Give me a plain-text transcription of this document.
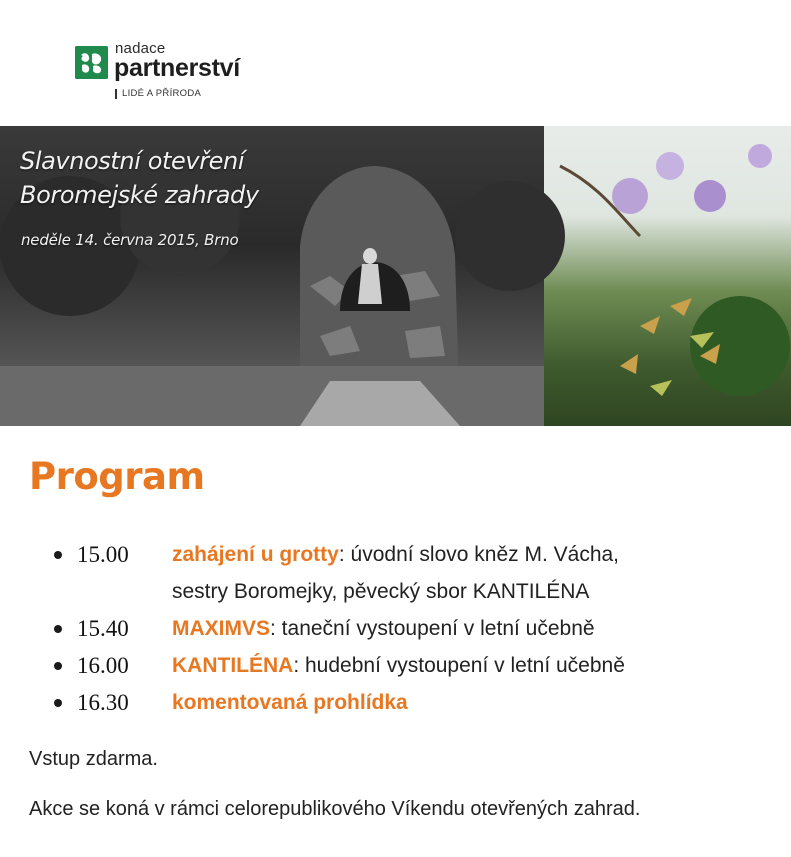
nadace
partnerství
LIDÉ A PŘÍRODA
Slavnostní otevření
Boromejské zahrady
neděle 14. června 2015, Brno
Program
15.00 zahájení u grotty: úvodní slovo kněz M. Vácha,
sestry Boromejky, pěvecký sbor KANTILÉNA
15.40 MAXIMVS: taneční vystoupení v letní učebně
16.00 KANTILÉNA: hudební vystoupení v letní učebně
16.30 komentovaná prohlídka

Vstup zdarma.

Akce se koná v rámci celorepublikového Víkendu otevřených zahrad.
